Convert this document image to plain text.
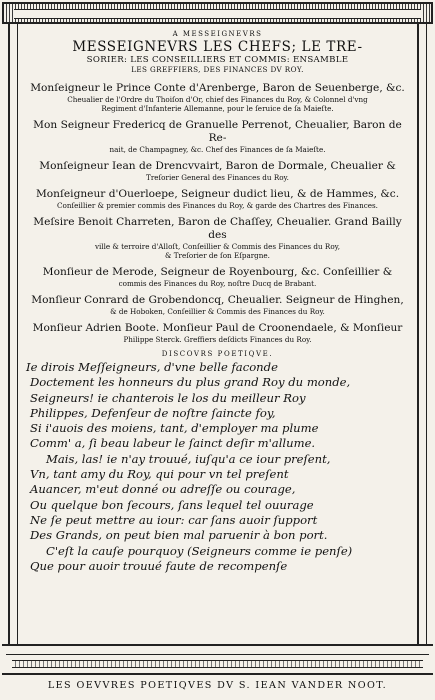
A MESSEIGNEVRS
MESSEIGNEVRS LES CHEFS; LE TRE-
SORIER: LES CONSEILLIERS ET COMMIS: ENSAMBLE
LES GREFFIERS, DES FINANCES DV ROY.
Monſeigneur le Prince Conte d'Arenberge, Baron de Seuenberge, &c.
Cheualier de l'Ordre du Thoiſon d'Or, chief des Finances du Roy, & Colonnel d'vng
Regiment d'Infanterie Allemanne, pour le ſeruice de ſa Maieſte.
Mon Seigneur Fredericq de Granuelle Perrenot, Cheualier, Baron de Re-
nait, de Champagney, &c. Chef des Finances de ſa Maieſte.
Monſeigneur Iean de Drencvvairt, Baron de Dormale, Cheualier &
Treſorier General des Finances du Roy.
Monſeigneur d'Ouerloepe, Seigneur dudict lieu, & de Hammes, &c.
Conſeillier & premier commis des Finances du Roy, & garde des Chartres des Finances.
Meſsire Benoit Charreten, Baron de Chaſſey, Cheualier. Grand Bailly des
ville & terroire d'Alloſt, Conſeillier & Commis des Finances du Roy,
& Treſorier de ſon Eſpargne.
Monſieur de Merode, Seigneur de Royenbourg, &c. Conſeillier &
commis des Finances du Roy, noſtre Ducq de Brabant.
Monſieur Conrard de Grobendoncq, Cheualier. Seigneur de Hinghen,
& de Hoboken, Conſeillier & Commis des Finances du Roy.
Monſieur Adrien Boote. Monſieur Paul de Croonendaele, & Monſieur
Philippe Sterck. Greffiers deſdicts Finances du Roy.
DISCOVRS POETIQVE.
Ie dirois Meſſeigneurs, d'vne belle faconde
Doctement les honneurs du plus grand Roy du monde,
Seigneurs! ie chanterois le los du meilleur Roy
Philippes, Defenſeur de noſtre ſaincte foy,
Si i'auois des moiens, tant, d'employer ma plume
Comm' a, ſi beau labeur le ſainct deſir m'allume.
Mais, las! ie n'ay trouué, iuſqu'a ce iour preſent,
Vn, tant amy du Roy, qui pour vn tel preſent
Auancer, m'eut donné ou adreſſe ou courage,
Ou quelque bon ſecours, ſans lequel tel ouurage
Ne ſe peut mettre au iour: car ſans auoir ſupport
Des Grands, on peut bien mal paruenir à bon port.
C'eſt la cauſe pourquoy (Seigneurs comme ie penſe)
Que pour auoir trouué faute de recompenſe
LES OEVVRES POETIQVES DV S. IEAN VANDER NOOT.
